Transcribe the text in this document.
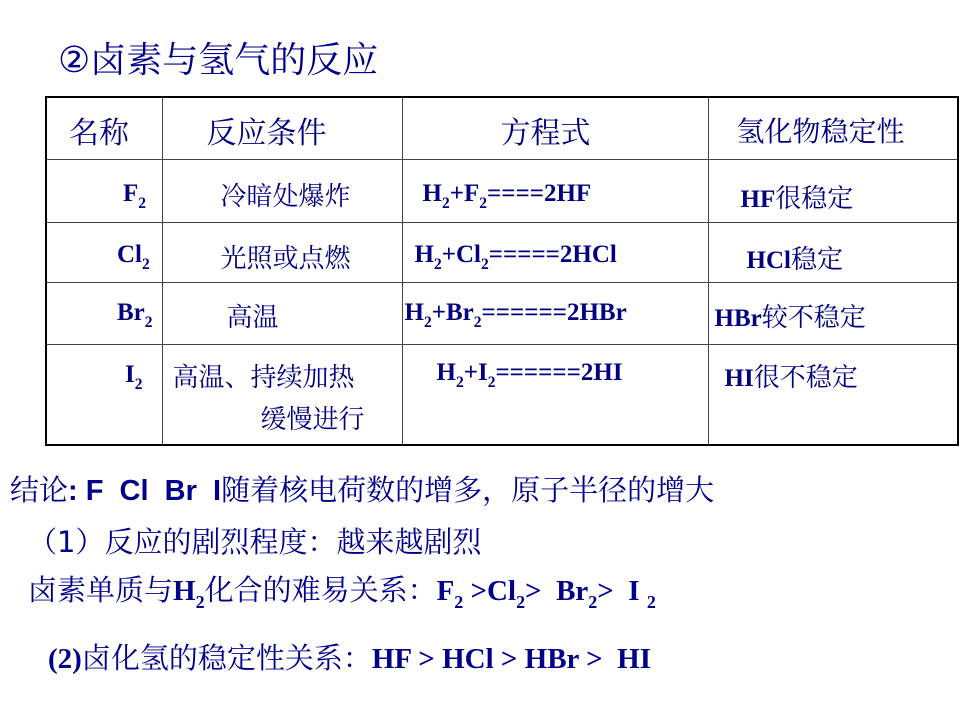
②卤素与氢气的反应
名称	反应条件	方程式	氢化物稳定性

$F_2$	冷暗处爆炸	$H_2+F_2====2HF$	HF很稳定

$Cl_2$	光照或点燃	$H_2+Cl_2=====2HCl$	HCl稳定

$Br_2$	高温	$H_2+Br_2======2HBr$	HBr较不稳定

$I_2$	高温、持续加热
缓慢进行	$H_2+I_2======2HI$	HI很不稳定
结论: F  Cl  Br  I随着核电荷数的增多，原子半径的增大
（1）反应的剧烈程度：越来越剧烈
卤素单质与$H_2$化合的难易关系：$F_2 >Cl_2> Br_2> I$ $_2$
(2)卤化氢的稳定性关系：HF > HCl > HBr >  HI
